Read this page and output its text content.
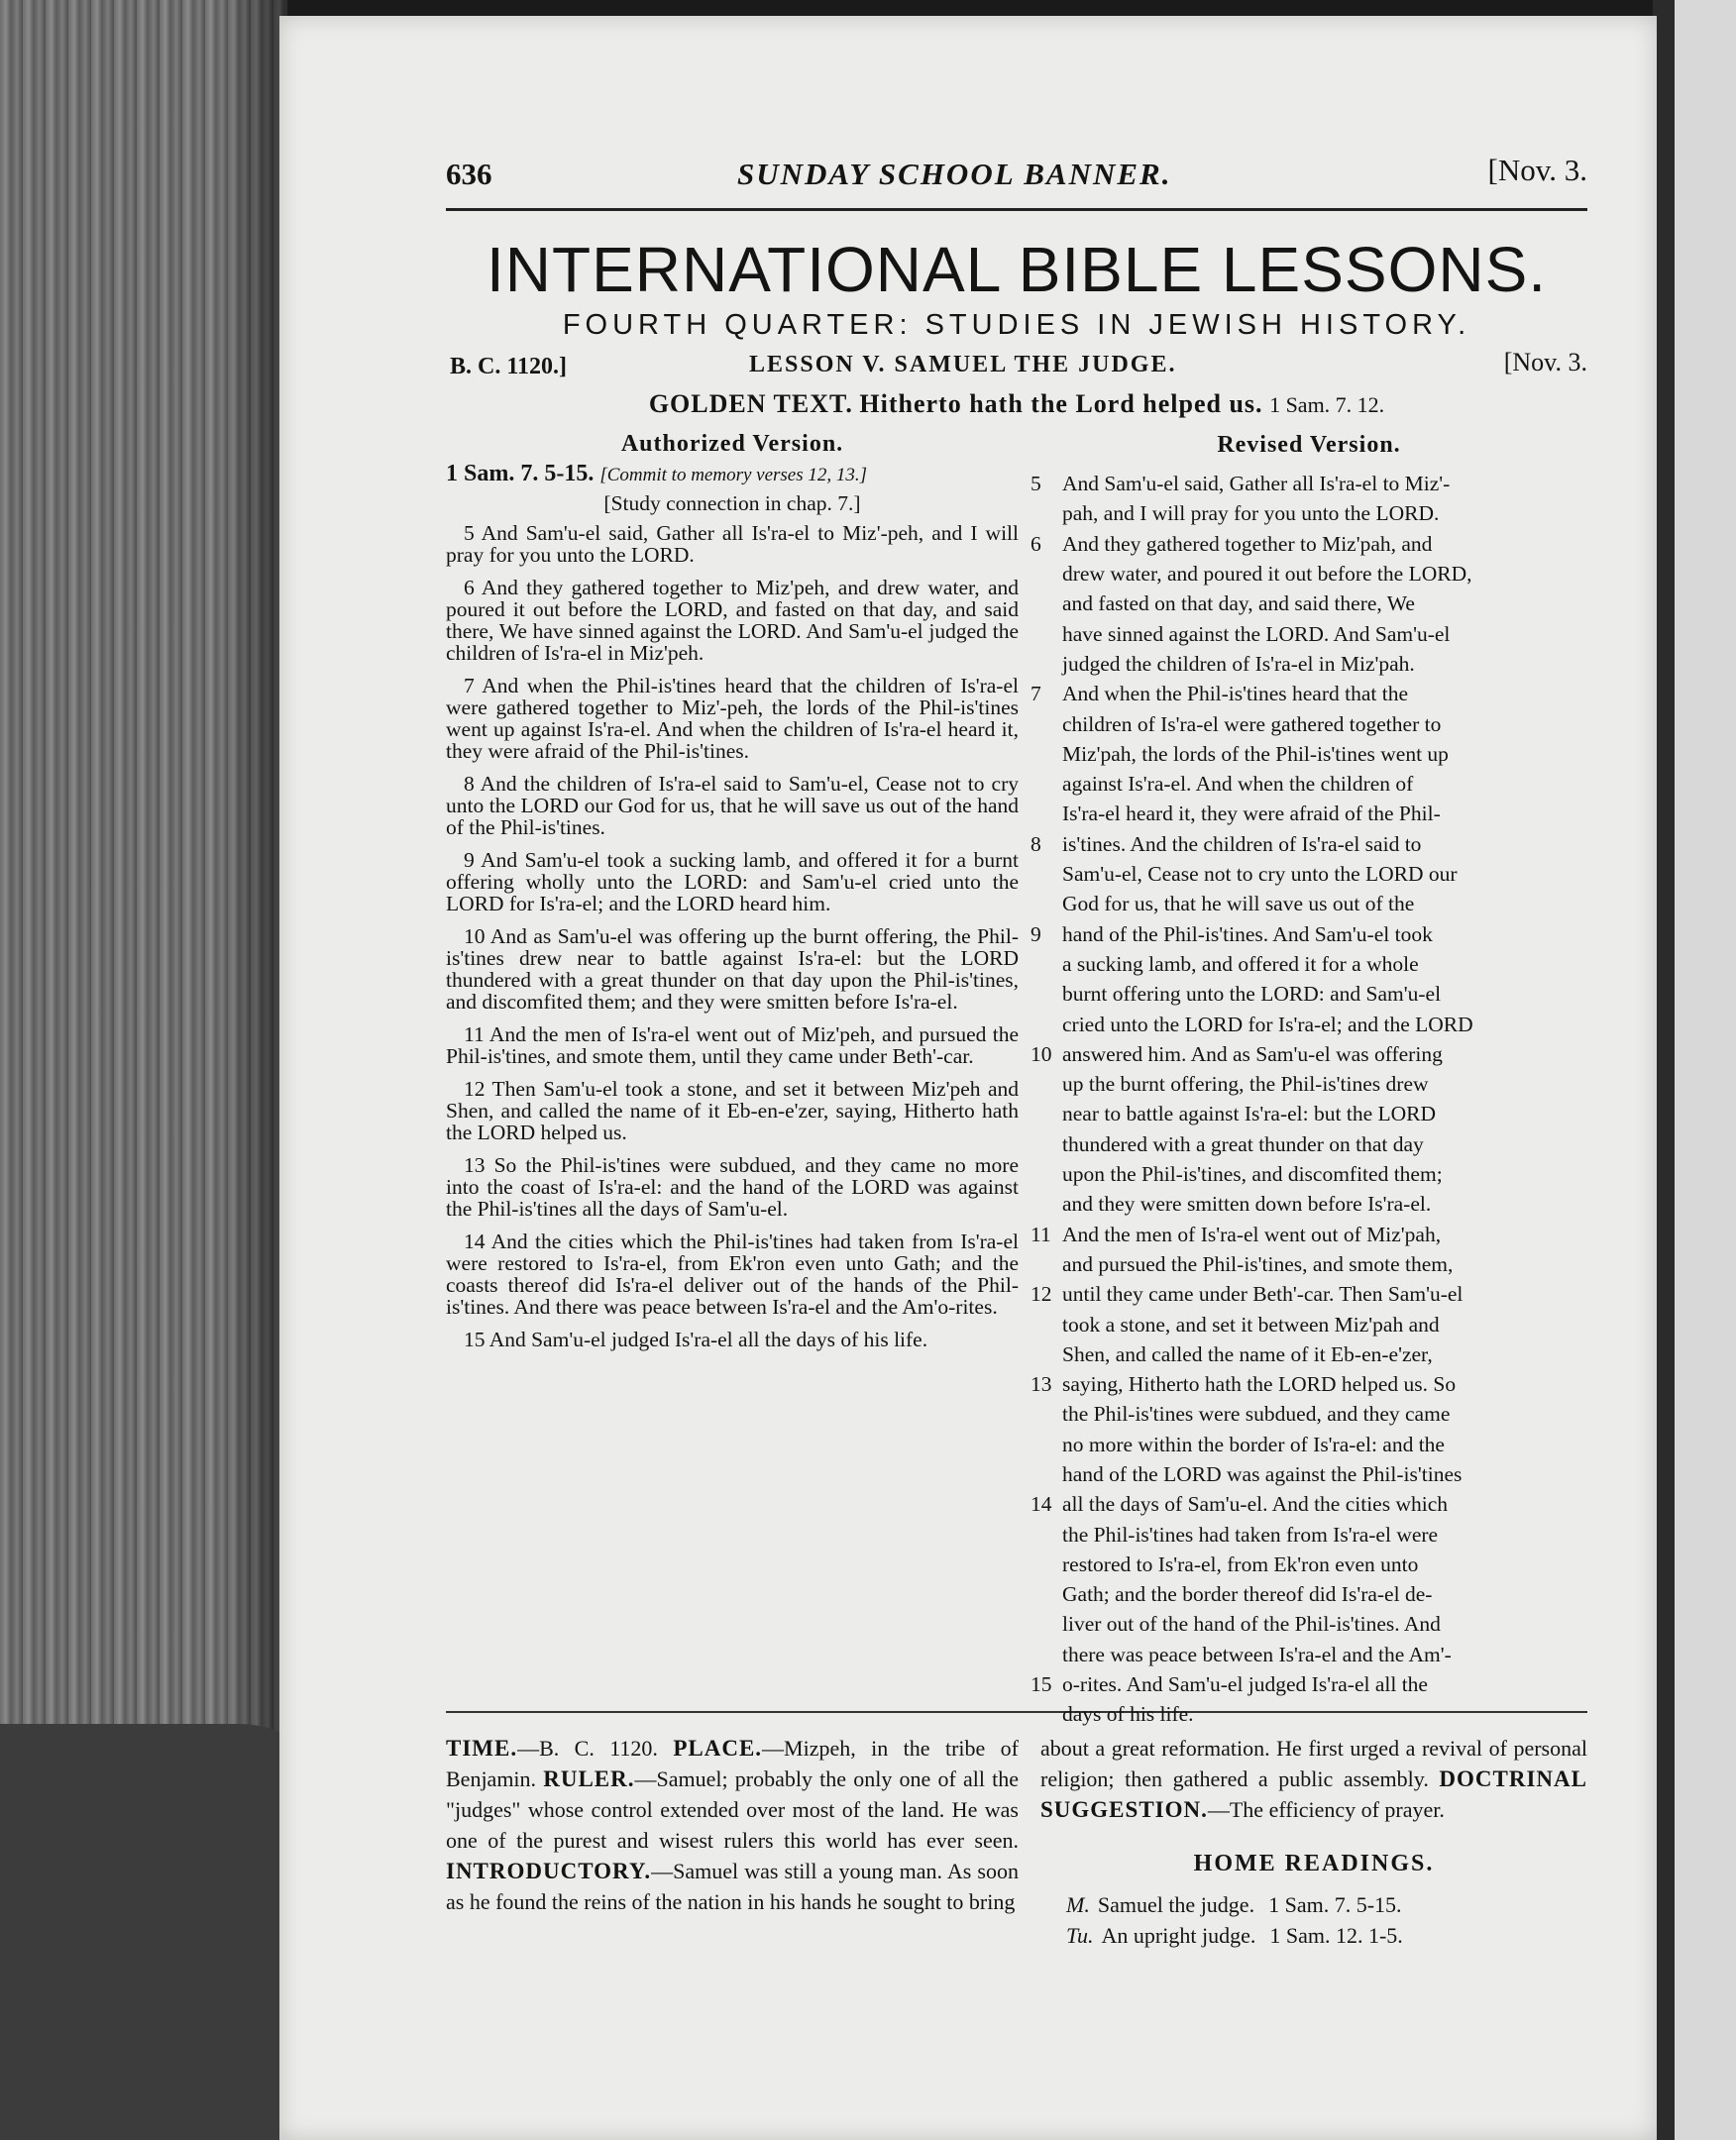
636	SUNDAY SCHOOL BANNER.	[Nov. 3.
INTERNATIONAL BIBLE LESSONS.
FOURTH QUARTER: STUDIES IN JEWISH HISTORY.
B. C. 1120.]	LESSON V. SAMUEL THE JUDGE.	[Nov. 3.
GOLDEN TEXT. Hitherto hath the Lord helped us. 1 Sam. 7. 12.
Authorized Version.
1 Sam. 7. 5-15. [Commit to memory verses 12, 13.]
[Study connection in chap. 7.]

5 And Sam'u-el said, Gather all Is'ra-el to Miz'-peh, and I will pray for you unto the LORD.

6 And they gathered together to Miz'peh, and drew water, and poured it out before the LORD, and fasted on that day, and said there, We have sinned against the LORD. And Sam'u-el judged the children of Is'ra-el in Miz'peh.

7 And when the Phil-is'tines heard that the children of Is'ra-el were gathered together to Miz'-peh, the lords of the Phil-is'tines went up against Is'ra-el. And when the children of Is'ra-el heard it, they were afraid of the Phil-is'tines.

8 And the children of Is'ra-el said to Sam'u-el, Cease not to cry unto the LORD our God for us, that he will save us out of the hand of the Phil-is'tines.

9 And Sam'u-el took a sucking lamb, and offered it for a burnt offering wholly unto the LORD: and Sam'u-el cried unto the LORD for Is'ra-el; and the LORD heard him.

10 And as Sam'u-el was offering up the burnt offering, the Phil-is'tines drew near to battle against Is'ra-el: but the LORD thundered with a great thunder on that day upon the Phil-is'tines, and discomfited them; and they were smitten before Is'ra-el.

11 And the men of Is'ra-el went out of Miz'peh, and pursued the Phil-is'tines, and smote them, until they came under Beth'-car.

12 Then Sam'u-el took a stone, and set it between Miz'peh and Shen, and called the name of it Eb-en-e'zer, saying, Hitherto hath the LORD helped us.

13 So the Phil-is'tines were subdued, and they came no more into the coast of Is'ra-el: and the hand of the LORD was against the Phil-is'tines all the days of Sam'u-el.

14 And the cities which the Phil-is'tines had taken from Is'ra-el were restored to Is'ra-el, from Ek'ron even unto Gath; and the coasts thereof did Is'ra-el deliver out of the hands of the Phil-is'tines. And there was peace between Is'ra-el and the Am'o-rites.

15 And Sam'u-el judged Is'ra-el all the days of his life.

Revised Version.
5 And Sam'u-el said, Gather all Is'ra-el to Miz'-
pah, and I will pray for you unto the LORD.
6 And they gathered together to Miz'pah, and
drew water, and poured it out before the LORD,
and fasted on that day, and said there, We
have sinned against the LORD. And Sam'u-el
judged the children of Is'ra-el in Miz'pah.
7 And when the Phil-is'tines heard that the
children of Is'ra-el were gathered together to
Miz'pah, the lords of the Phil-is'tines went up
against Is'ra-el. And when the children of
Is'ra-el heard it, they were afraid of the Phil-
8 is'tines. And the children of Is'ra-el said to
Sam'u-el, Cease not to cry unto the LORD our
God for us, that he will save us out of the
9 hand of the Phil-is'tines. And Sam'u-el took
a sucking lamb, and offered it for a whole
burnt offering unto the LORD: and Sam'u-el
cried unto the LORD for Is'ra-el; and the LORD
10 answered him. And as Sam'u-el was offering
up the burnt offering, the Phil-is'tines drew
near to battle against Is'ra-el: but the LORD
thundered with a great thunder on that day
upon the Phil-is'tines, and discomfited them;
and they were smitten down before Is'ra-el.
11 And the men of Is'ra-el went out of Miz'pah,
and pursued the Phil-is'tines, and smote them,
12 until they came under Beth'-car. Then Sam'u-el
took a stone, and set it between Miz'pah and
Shen, and called the name of it Eb-en-e'zer,
13 saying, Hitherto hath the LORD helped us. So
the Phil-is'tines were subdued, and they came
no more within the border of Is'ra-el: and the
hand of the LORD was against the Phil-is'tines
14 all the days of Sam'u-el. And the cities which
the Phil-is'tines had taken from Is'ra-el were
restored to Is'ra-el, from Ek'ron even unto
Gath; and the border thereof did Is'ra-el de-
liver out of the hand of the Phil-is'tines. And
there was peace between Is'ra-el and the Am'-
15 o-rites. And Sam'u-el judged Is'ra-el all the
days of his life.
TIME.—B. C. 1120. PLACE.—Mizpeh, in the tribe of Benjamin. RULER.—Samuel; probably the only one of all the "judges" whose control extended over most of the land. He was one of the purest and wisest rulers this world has ever seen. INTRODUCTORY.—Samuel was still a young man. As soon as he found the reins of the nation in his hands he sought to bring
about a great reformation. He first urged a revival of personal religion; then gathered a public assembly. DOCTRINAL SUGGESTION.—The efficiency of prayer.
HOME READINGS.
M. Samuel the judge. 1 Sam. 7. 5-15.
Tu. An upright judge. 1 Sam. 12. 1-5.
